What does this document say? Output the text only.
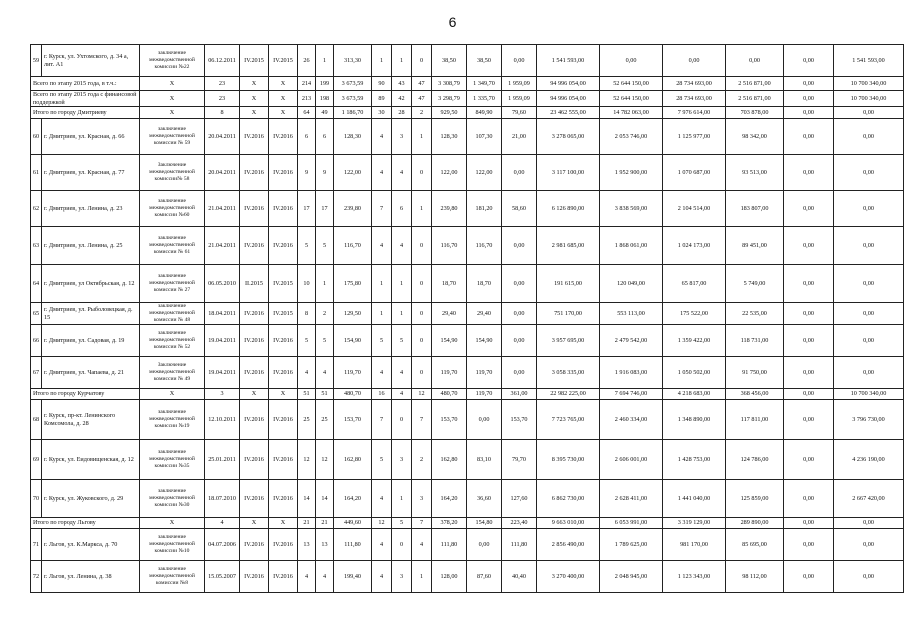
6
59	г. Курск, ул. Ухтомского, д. 34 а, лит. А1	заключение межведомственной комиссии №22	06.12.2011	IV.2015	IV.2015	26	1	313,30	1	1	0	38,50	38,50	0,00	1 541 593,00	0,00	0,00	0,00	0,00	1 541 593,00
Всего по этапу 2015 года, в т.ч.:		Х	23	Х	Х	214	199	3 673,59	90	43	47	3 308,79	1 349,70	1 959,09	94 996 054,00	52 644 150,00	28 734 693,00	2 516 871,00	0,00	10 700 340,00
Всего по этапу 2015 года с финансовой поддержкой		Х	23	Х	Х	213	198	3 673,59	89	42	47	3 298,79	1 335,70	1 959,09	94 996 054,00	52 644 150,00	28 734 693,00	2 516 871,00	0,00	10 700 340,00
Итого по городу Дмитриеву		Х	8	Х	Х	64	49	1 186,70	30	28	2	929,50	849,90	79,60	23 462 555,00	14 782 063,00	7 976 614,00	703 878,00	0,00	0,00
60	г. Дмитриев, ул. Красная, д. 66	заключение межведомственной комиссии № 59	20.04.2011	IV.2016	IV.2016	6	6	128,30	4	3	1	128,30	107,30	21,00	3 278 065,00	2 053 746,00	1 125 977,00	98 342,00	0,00	0,00
61	г. Дмитриев, ул. Красная, д. 77	Заключение межведомственной комиссии№ 58	20.04.2011	IV.2016	IV.2016	9	9	122,00	4	4	0	122,00	122,00	0,00	3 117 100,00	1 952 900,00	1 070 687,00	93 513,00	0,00	0,00
62	г. Дмитриев, ул. Ленина, д. 23	заключение межведомственной комиссии №60	21.04.2011	IV.2016	IV.2016	17	17	239,80	7	6	1	239,80	181,20	58,60	6 126 890,00	3 838 569,00	2 104 514,00	183 807,00	0,00	0,00
63	г. Дмитриев, ул. Ленина, д. 25	заключение межведомственной комиссии № 61	21.04.2011	IV.2016	IV.2016	5	5	116,70	4	4	0	116,70	116,70	0,00	2 981 685,00	1 868 061,00	1 024 173,00	89 451,00	0,00	0,00
64	г. Дмитриев, ул Октябрьская, д. 12	заключение межведомственной комиссии № 27	06.05.2010	II.2015	IV.2015	10	1	175,80	1	1	0	18,70	18,70	0,00	191 615,00	120 049,00	65 817,00	5 749,00	0,00	0,00
65	г. Дмитриев, ул. Рыболовецкая, д. 15	заключение межведомственной комиссии № 48	18.04.2011	IV.2016	IV.2015	8	2	129,50	1	1	0	29,40	29,40	0,00	751 170,00	553 113,00	175 522,00	22 535,00	0,00	0,00
66	г. Дмитриев, ул. Садовая, д. 19	заключение межведомственной комиссии № 52	19.04.2011	IV.2016	IV.2016	5	5	154,90	5	5	0	154,90	154,90	0,00	3 957 695,00	2 479 542,00	1 359 422,00	118 731,00	0,00	0,00
67	г. Дмитриев, ул. Чапаева, д. 21	Заключение межведомственной комиссии № 49	19.04.2011	IV.2016	IV.2016	4	4	119,70	4	4	0	119,70	119,70	0,00	3 058 335,00	1 916 083,00	1 050 502,00	91 750,00	0,00	0,00
Итого по городу Курчатову		Х	3	Х	Х	51	51	480,70	16	4	12	480,70	119,70	361,00	22 982 225,00	7 694 746,00	4 218 683,00	368 456,00	0,00	10 700 340,00
68	г. Курск, пр-кт. Ленинского Комсомола, д. 28	заключение межведомственной комиссии №19	12.10.2011	IV.2016	IV.2016	25	25	153,70	7	0	7	153,70	0,00	153,70	7 723 765,00	2 460 334,00	1 348 890,00	117 811,00	0,00	3 796 730,00
69	г. Курск, ул. Еидовищенская, д. 12	заключение межведомственной комиссии №35	25.01.2011	IV.2016	IV.2016	12	12	162,80	5	3	2	162,80	83,10	79,70	8 395 730,00	2 606 001,00	1 428 753,00	124 786,00	0,00	4 236 190,00
70	г. Курск, ул. Жуковского, д. 29	заключение межведомственной комиссии №30	18.07.2010	IV.2016	IV.2016	14	14	164,20	4	1	3	164,20	36,60	127,60	6 862 730,00	2 628 411,00	1 441 040,00	125 859,00	0,00	2 667 420,00
Итого по городу Льгову		Х	4	Х	Х	21	21	449,60	12	5	7	378,20	154,80	223,40	9 663 010,00	6 053 991,00	3 319 129,00	289 890,00	0,00	0,00
71	г. Льгов, ул. К.Маркса, д. 70	заключение межведомственной комиссии №10	04.07.2006	IV.2016	IV.2016	13	13	111,80	4	0	4	111,80	0,00	111,80	2 856 490,00	1 789 625,00	981 170,00	85 695,00	0,00	0,00
72	г. Льгов, ул. Ленина, д. 38	заключение межведомственной комиссии №8	15.05.2007	IV.2016	IV.2016	4	4	199,40	4	3	1	128,00	87,60	40,40	3 270 400,00	2 048 945,00	1 123 343,00	98 112,00	0,00	0,00
